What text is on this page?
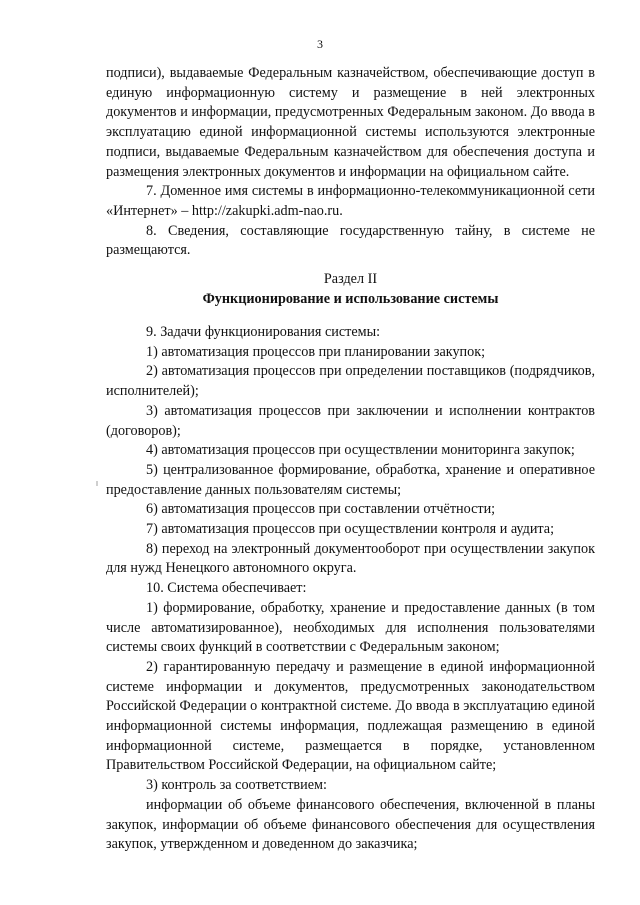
3

подписи), выдаваемые Федеральным казначейством, обеспечивающие доступ в единую информационную систему и размещение в ней электронных документов и информации, предусмотренных Федеральным законом. До ввода в эксплуатацию единой информационной системы используются электронные подписи, выдаваемые Федеральным казначейством для обеспечения доступа и размещения электронных документов и информации на официальном сайте.

7. Доменное имя системы в информационно-телекоммуникационной сети «Интернет» – http://zakupki.adm-nao.ru.

8. Сведения, составляющие государственную тайну, в системе не размещаются.

Раздел II

Функционирование и использование системы

9. Задачи функционирования системы:

1) автоматизация процессов при планировании закупок;

2) автоматизация процессов при определении поставщиков (подрядчиков, исполнителей);

3) автоматизация процессов при заключении и исполнении контрактов (договоров);

4) автоматизация процессов при осуществлении мониторинга закупок;

5) централизованное формирование, обработка, хранение и оперативное предоставление данных пользователям системы;

6) автоматизация процессов при составлении отчётности;

7) автоматизация процессов при осуществлении контроля и аудита;

8) переход на электронный документооборот при осуществлении закупок для нужд Ненецкого автономного округа.

10. Система обеспечивает:

1) формирование, обработку, хранение и предоставление данных (в том числе автоматизированное), необходимых для исполнения пользователями системы своих функций в соответствии с Федеральным законом;

2) гарантированную передачу и размещение в единой информационной системе информации и документов, предусмотренных законодательством Российской Федерации о контрактной системе. До ввода в эксплуатацию единой информационной системы информация, подлежащая размещению в единой информационной системе, размещается в порядке, установленном Правительством Российской Федерации, на официальном сайте;

3) контроль за соответствием:

информации об объеме финансового обеспечения, включенной в планы закупок, информации об объеме финансового обеспечения для осуществления закупок, утвержденном и доведенном до заказчика;
